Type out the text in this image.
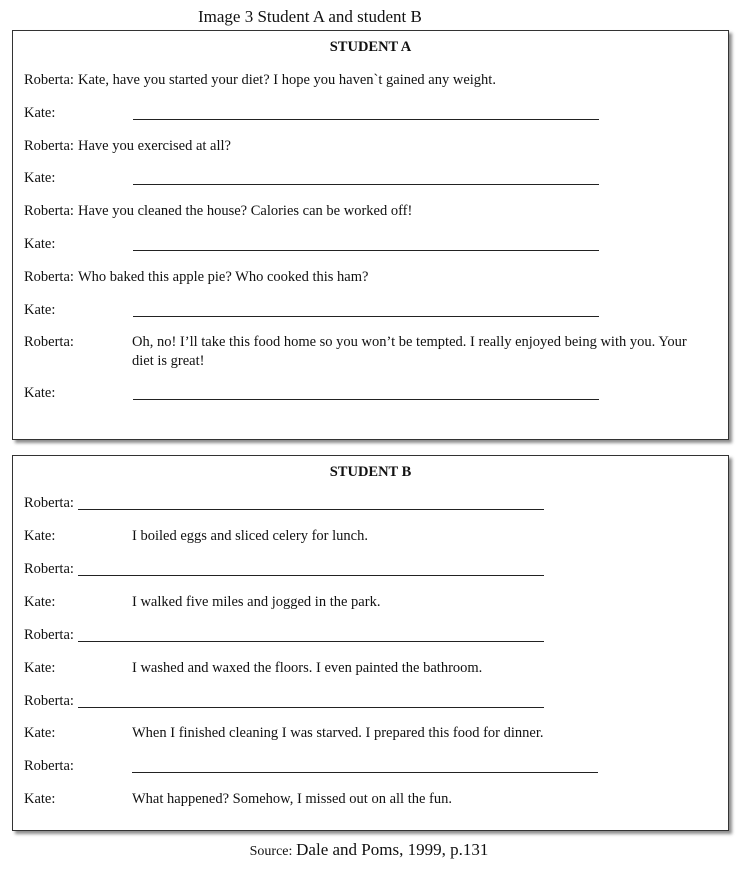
Image 3 Student A and student B
STUDENT A
Roberta: Kate, have you started your diet? I hope you haven`t gained any weight.
Kate:
Roberta: Have you exercised at all?
Kate:
Roberta: Have you cleaned the house? Calories can be worked off!
Kate:
Roberta: Who baked this apple pie? Who cooked this ham?
Kate:
Roberta:	Oh, no! I’ll take this food home so you won’t be tempted. I really enjoyed being with you. Your diet is great!
Kate:
STUDENT B
Roberta:
Kate:	I boiled eggs and sliced celery for lunch.
Roberta:
Kate:	I walked five miles and jogged in the park.
Roberta:
Kate:	I washed and waxed the floors. I even painted the bathroom.
Roberta:
Kate:	When I finished cleaning I was starved. I prepared this food for dinner.
Roberta:
Kate:	What happened? Somehow, I missed out on all the fun.
Source: Dale and Poms, 1999, p.131
